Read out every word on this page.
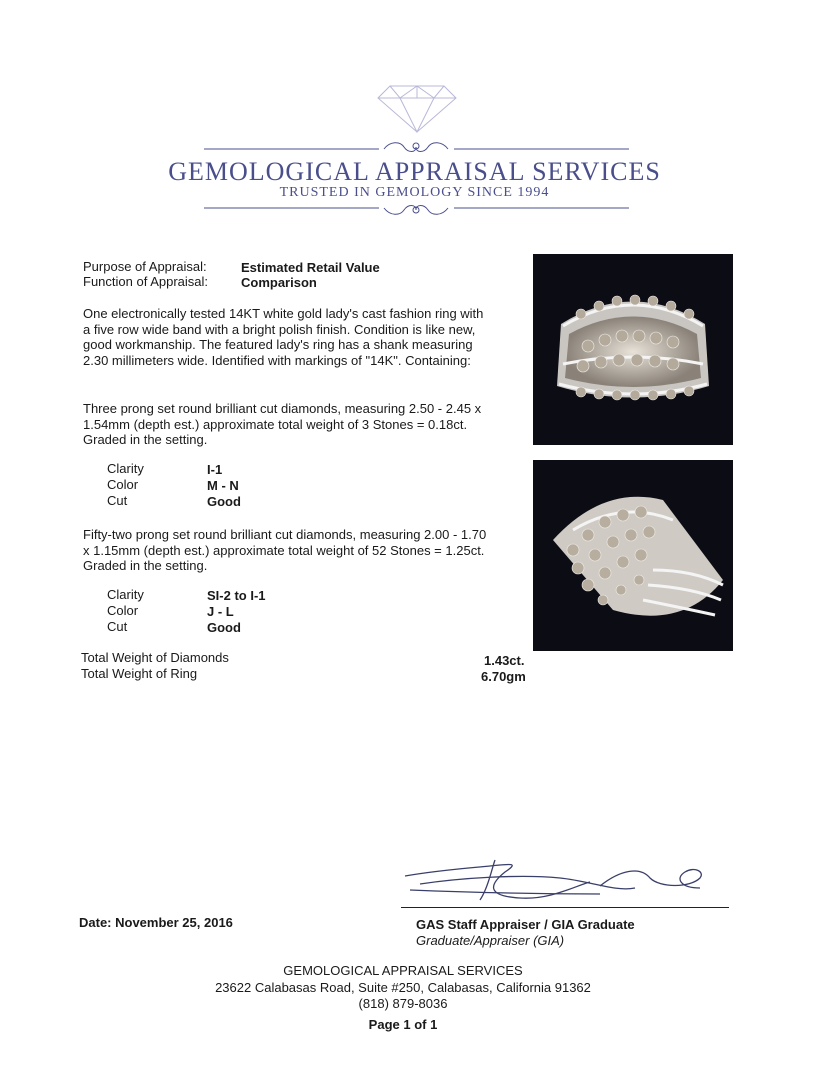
GEMOLOGICAL APPRAISAL SERVICES
TRUSTED IN GEMOLOGY SINCE 1994
Purpose of Appraisal:	Estimated Retail Value
Function of Appraisal:	Comparison
One electronically tested 14KT white gold lady's cast fashion ring with a five row wide band with a bright polish finish. Condition is like new, good workmanship. The featured lady's ring has a shank measuring 2.30 millimeters wide. Identified with markings of "14K". Containing:
Three prong set round brilliant cut diamonds, measuring 2.50 - 2.45 x 1.54mm (depth est.) approximate total weight of 3 Stones = 0.18ct. Graded in the setting.
Clarity	I-1
Color	M - N
Cut	Good
Fifty-two prong set round brilliant cut diamonds, measuring 2.00 - 1.70 x 1.15mm (depth est.) approximate total weight of 52 Stones = 1.25ct. Graded in the setting.
Clarity	SI-2 to I-1
Color	J - L
Cut	Good
Total Weight of Diamonds	1.43ct.
Total Weight of Ring	6.70gm
Date: November 25, 2016	GAS Staff Appraiser / GIA Graduate
Graduate/Appraiser (GIA)
GEMOLOGICAL APPRAISAL SERVICES
23622 Calabasas Road, Suite #250, Calabasas, California 91362
(818) 879-8036
Page 1 of 1
